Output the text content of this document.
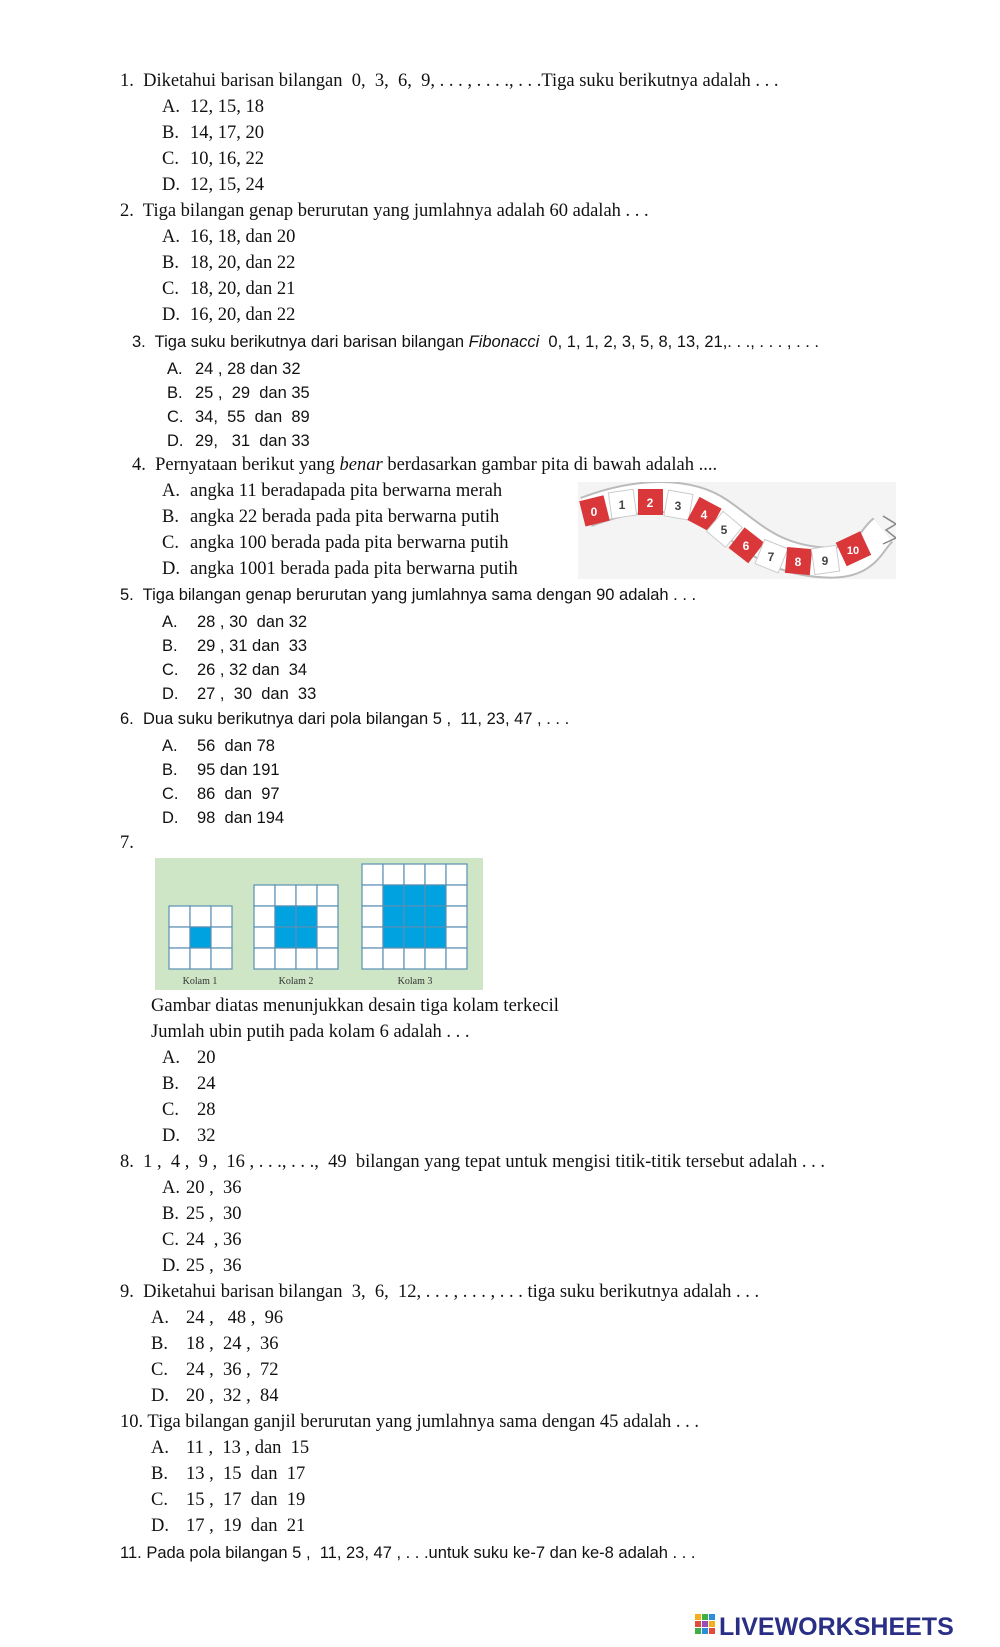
1. Diketahui barisan bilangan  0,  3,  6,  9, . . . , . . . ., . . .Tiga suku berikutnya adalah . . .
A. 12, 15, 18
B. 14, 17, 20
C. 10, 16, 22
D. 12, 15, 24
2. Tiga bilangan genap berurutan yang jumlahnya adalah 60 adalah . . .
A. 16, 18, dan 20
B. 18, 20, dan 22
C. 18, 20, dan 21
D. 16, 20, dan 22
3. Tiga suku berikutnya dari barisan bilangan Fibonacci  0, 1, 1, 2, 3, 5, 8, 13, 21,. . ., . . . , . . .
A. 24 , 28 dan 32
B. 25 ,  29  dan 35
C. 34,  55  dan  89
D. 29,   31  dan 33
4. Pernyataan berikut yang benar berdasarkan gambar pita di bawah adalah ....
A. angka 11 beradapada pita berwarna merah
B. angka 22 berada pada pita berwarna putih
C. angka 100 berada pada pita berwarna putih
D. angka 1001 berada pada pita berwarna putih
0 1 2 3
4
5
6
7 8 9
10
5. Tiga bilangan genap berurutan yang jumlahnya sama dengan 90 adalah . . .
A. 28 , 30  dan 32
B. 29 , 31 dan  33
C. 26 , 32 dan  34
D. 27 ,  30  dan  33
6. Dua suku berikutnya dari pola bilangan 5 ,  11, 23, 47 , . . .
A. 56  dan 78
B. 95 dan 191
C. 86  dan  97
D. 98  dan 194
7.
Kolam 1	Kolam 2	Kolam 3
Gambar diatas menunjukkan desain tiga kolam terkecil
Jumlah ubin putih pada kolam 6 adalah . . .
A. 20
B. 24
C. 28
D. 32
8. 1 ,  4 ,  9 ,  16 , . . ., . . .,  49  bilangan yang tepat untuk mengisi titik-titik tersebut adalah . . .
A. 20 ,  36
B. 25 ,  30
C. 24  , 36
D. 25 ,  36
9. Diketahui barisan bilangan  3,  6,  12, . . . , . . . , . . . tiga suku berikutnya adalah . . .
A. 24 ,   48 ,  96
B. 18 ,  24 ,  36
C. 24 ,  36 ,  72
D. 20 ,  32 ,  84
10. Tiga bilangan ganjil berurutan yang jumlahnya sama dengan 45 adalah . . .
A. 11 ,  13 , dan  15
B. 13 ,  15  dan  17
C. 15 ,  17  dan  19
D. 17 ,  19  dan  21
11. Pada pola bilangan 5 ,  11, 23, 47 , . . .untuk suku ke-7 dan ke-8 adalah . . .
LIVEWORKSHEETS
